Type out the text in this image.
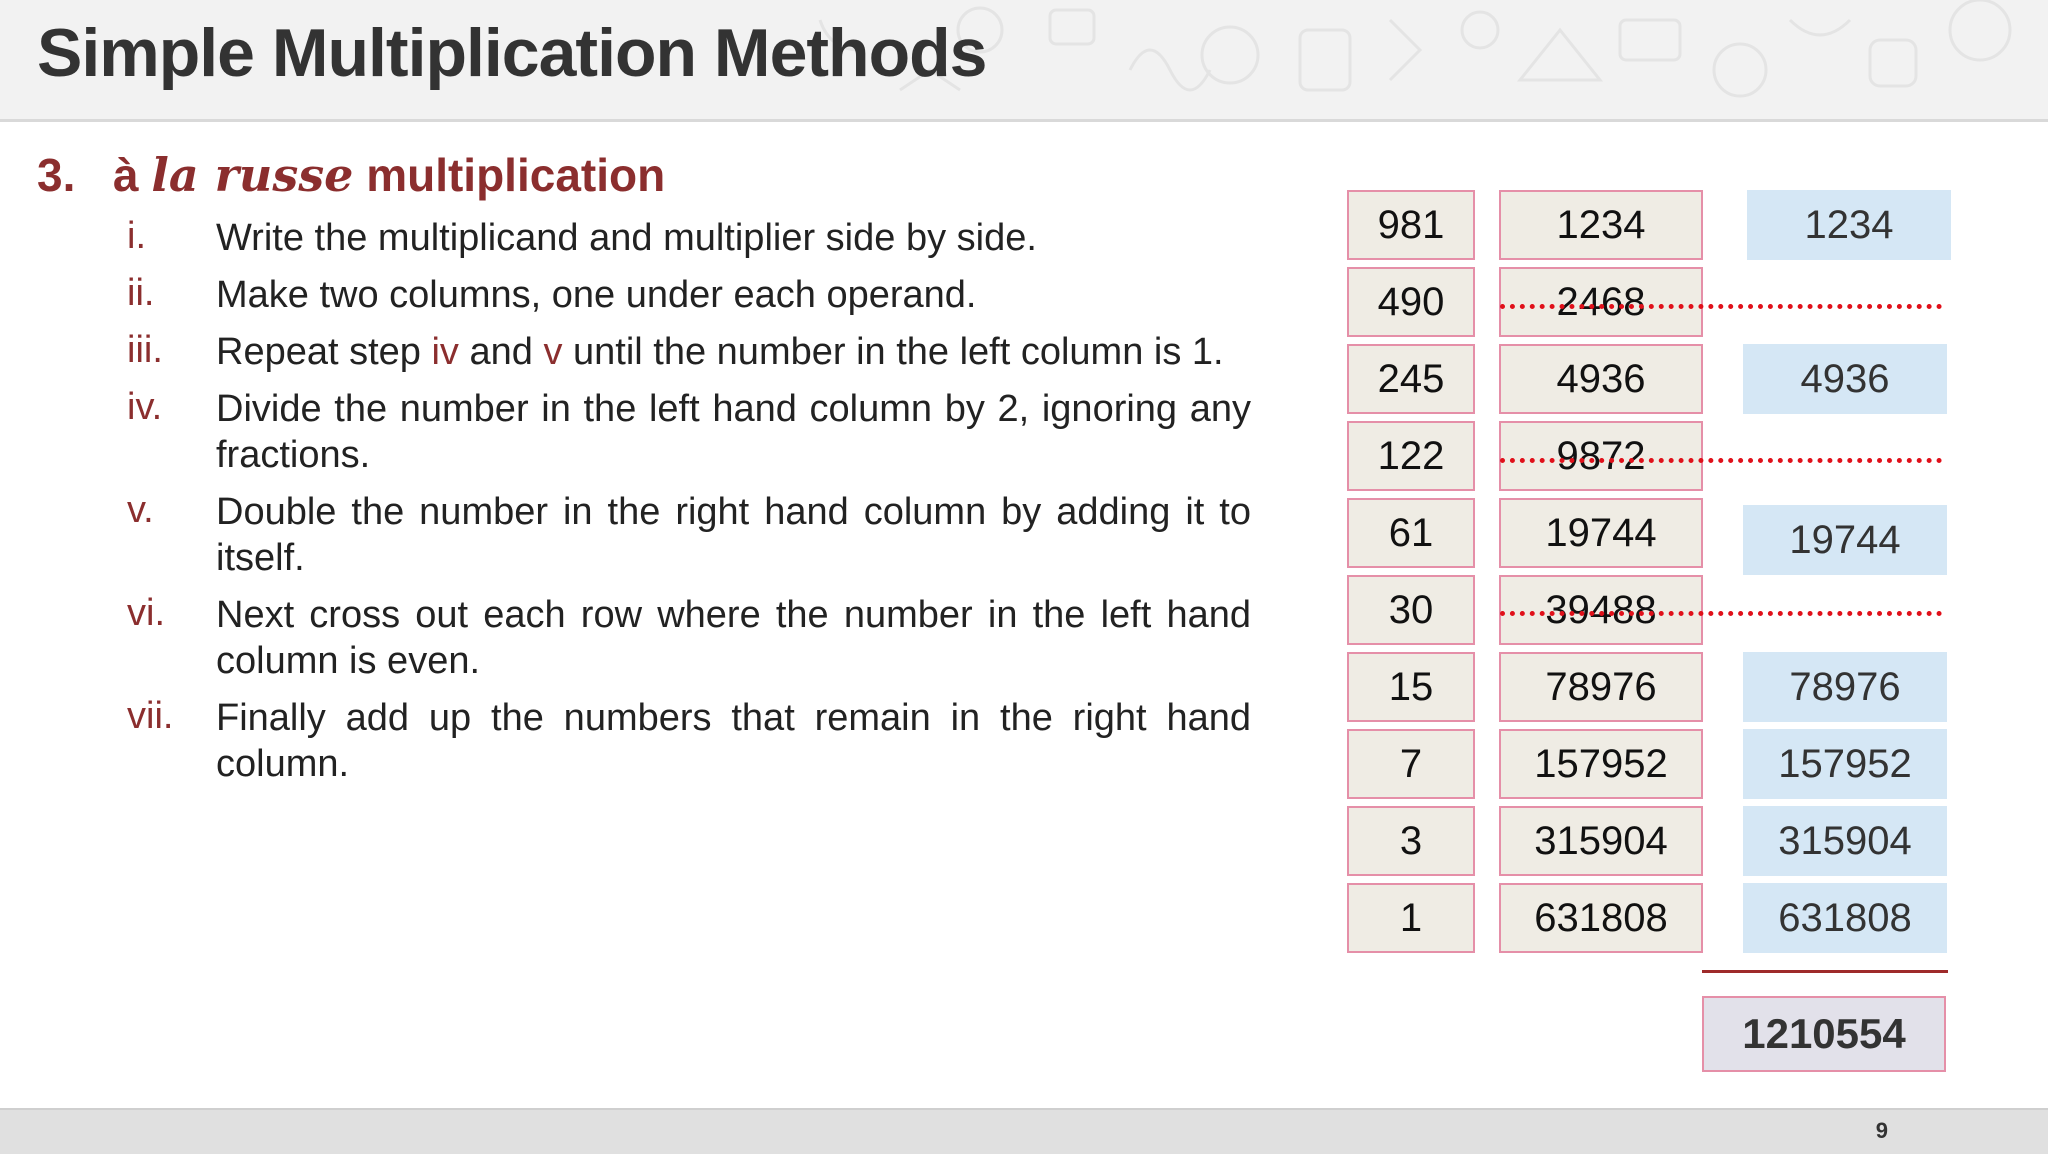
Simple Multiplication Methods
3. à la russe multiplication
i. Write the multiplicand and multiplier side by side.
ii. Make two columns, one under each operand.
iii. Repeat step iv and v until the number in the left column is 1.
iv. Divide the number in the left hand column by 2, ignoring any fractions.
v. Double the number in the right hand column by adding it to itself.
vi. Next cross out each row where the number in the left hand column is even.
vii. Finally add up the numbers that remain in the right hand column.
981	1234	1234
490	2468
245	4936	4936
122	9872
61	19744	19744
30	39488
15	78976	78976
7	157952	157952
3	315904	315904
1	631808	631808
1210554
9
